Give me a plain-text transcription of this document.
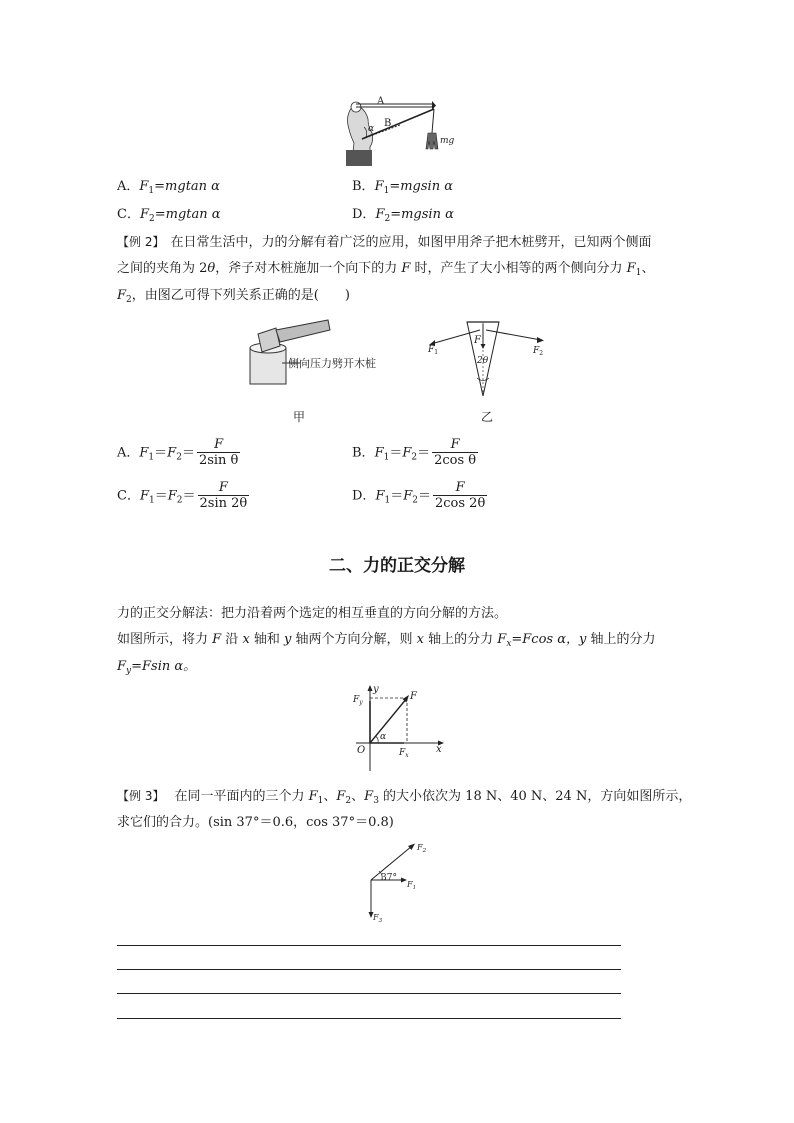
A
B
α
mg
A．$F_1=mgtan$ α	B．$F_1=mgsin$ α
C．$F_2=mgtan$ α	D．$F_2=mgsin$ α
【例 2】 在日常生活中，力的分解有着广泛的应用，如图甲用斧子把木桩劈开，已知两个侧面
之间的夹角为 2θ，斧子对木桩施加一个向下的力 F 时，产生了大小相等的两个侧向分力 $F_1$、
$F_2$，由图乙可得下列关系正确的是(　　)
侧向压力劈开木桩
甲
$F_1$	$F_2$
F
2θ
乙
A．$F_1=F_2= \frac{F}{\text{2sin θ}}$	B．$F_1=F_2= \frac{F}{\text{2cos θ}}$
C．$F_1=F_2= \frac{F}{2\sin 2\theta}$	D．$F_1=F_2= \frac{F}{2\cos 2\theta}$
二、力的正交分解
力的正交分解法：把力沿着两个选定的相互垂直的方向分解的方法。
如图所示，将力 F 沿 x 轴和 y 轴两个方向分解，则 x 轴上的分力 $F_x=Fcos$ α，y 轴上的分力
$F_y=Fsin$ α。
y
x
O
F
α
$F_y$
$F_x$
【例 3】 在同一平面内的三个力 $F_1$、$F_2$、$F_3$ 的大小依次为 18 N、40 N、24 N，方向如图所示，
求它们的合力。(sin 37°＝0.6，cos 37°＝0.8)
37°
$F_1$
$F_2$
$F_3$
